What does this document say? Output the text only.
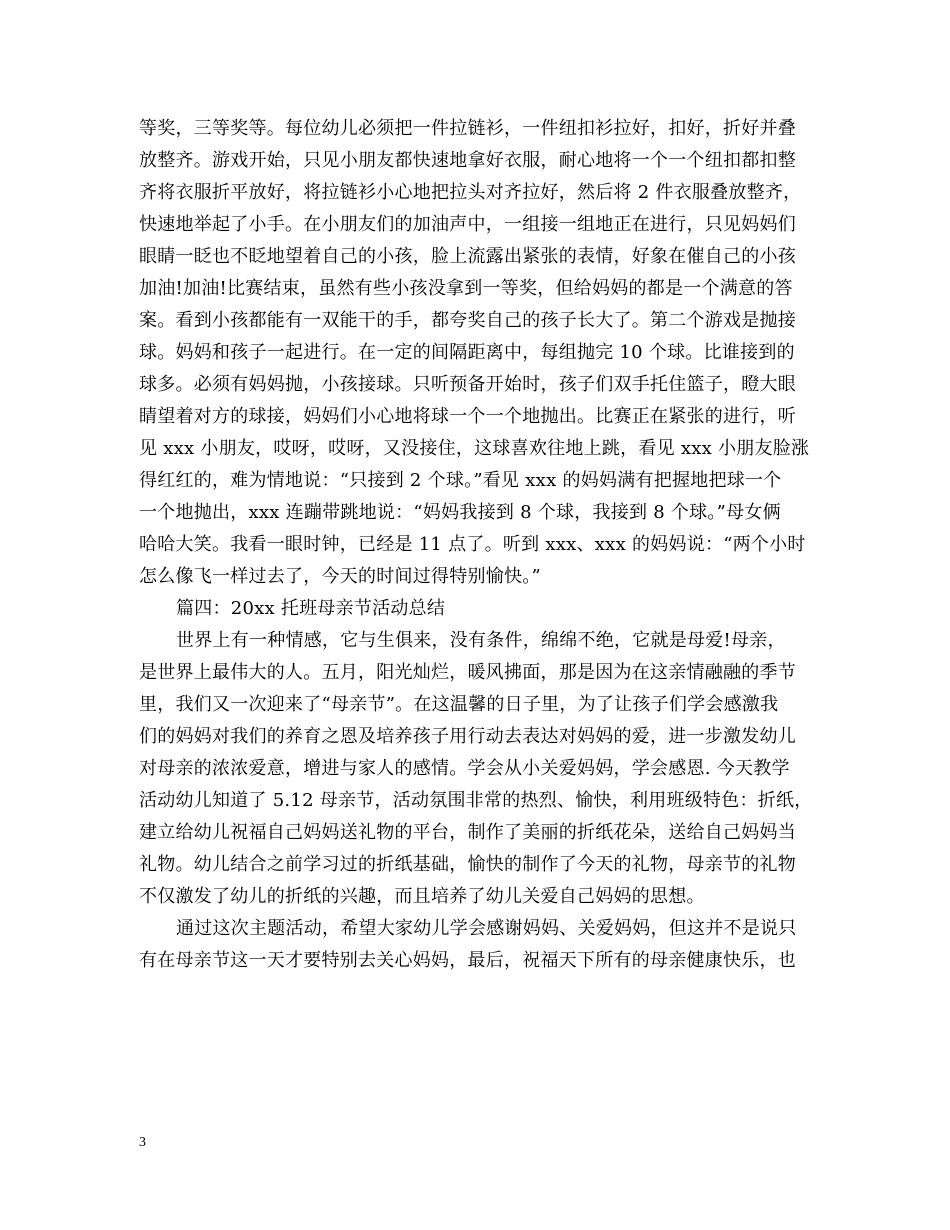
等奖，三等奖等。每位幼儿必须把一件拉链衫，一件纽扣衫拉好，扣好，折好并叠
放整齐。游戏开始，只见小朋友都快速地拿好衣服，耐心地将一个一个纽扣都扣整
齐将衣服折平放好，将拉链衫小心地把拉头对齐拉好，然后将 2 件衣服叠放整齐，
快速地举起了小手。在小朋友们的加油声中，一组接一组地正在进行，只见妈妈们
眼睛一眨也不眨地望着自己的小孩，脸上流露出紧张的表情，好象在催自己的小孩
加油!加油!比赛结束，虽然有些小孩没拿到一等奖，但给妈妈的都是一个满意的答
案。看到小孩都能有一双能干的手，都夸奖自己的孩子长大了。第二个游戏是抛接
球。妈妈和孩子一起进行。在一定的间隔距离中，每组抛完 10 个球。比谁接到的
球多。必须有妈妈抛，小孩接球。只听预备开始时，孩子们双手托住篮子，瞪大眼
睛望着对方的球接，妈妈们小心地将球一个一个地抛出。比赛正在紧张的进行，听
见 xxx 小朋友，哎呀，哎呀，又没接住，这球喜欢往地上跳，看见 xxx 小朋友脸涨
得红红的，难为情地说：“只接到 2 个球。”看见 xxx 的妈妈满有把握地把球一个
一个地抛出，xxx 连蹦带跳地说：“妈妈我接到 8 个球，我接到 8 个球。”母女俩
哈哈大笑。我看一眼时钟，已经是 11 点了。听到 xxx、xxx 的妈妈说：“两个小时
怎么像飞一样过去了，今天的时间过得特别愉快。”
篇四：20xx 托班母亲节活动总结
世界上有一种情感，它与生俱来，没有条件，绵绵不绝，它就是母爱!母亲，
是世界上最伟大的人。五月，阳光灿烂，暖风拂面，那是因为在这亲情融融的季节
里，我们又一次迎来了“母亲节”。在这温馨的日子里，为了让孩子们学会感激我
们的妈妈对我们的养育之恩及培养孩子用行动去表达对妈妈的爱，进一步激发幼儿
对母亲的浓浓爱意，增进与家人的感情。学会从小关爱妈妈，学会感恩. 今天教学
活动幼儿知道了 5.12 母亲节，活动氛围非常的热烈、愉快，利用班级特色：折纸，
建立给幼儿祝福自己妈妈送礼物的平台，制作了美丽的折纸花朵，送给自己妈妈当
礼物。幼儿结合之前学习过的折纸基础，愉快的制作了今天的礼物，母亲节的礼物
不仅激发了幼儿的折纸的兴趣，而且培养了幼儿关爱自己妈妈的思想。
通过这次主题活动，希望大家幼儿学会感谢妈妈、关爱妈妈，但这并不是说只
有在母亲节这一天才要特别去关心妈妈，最后，祝福天下所有的母亲健康快乐，也
3
